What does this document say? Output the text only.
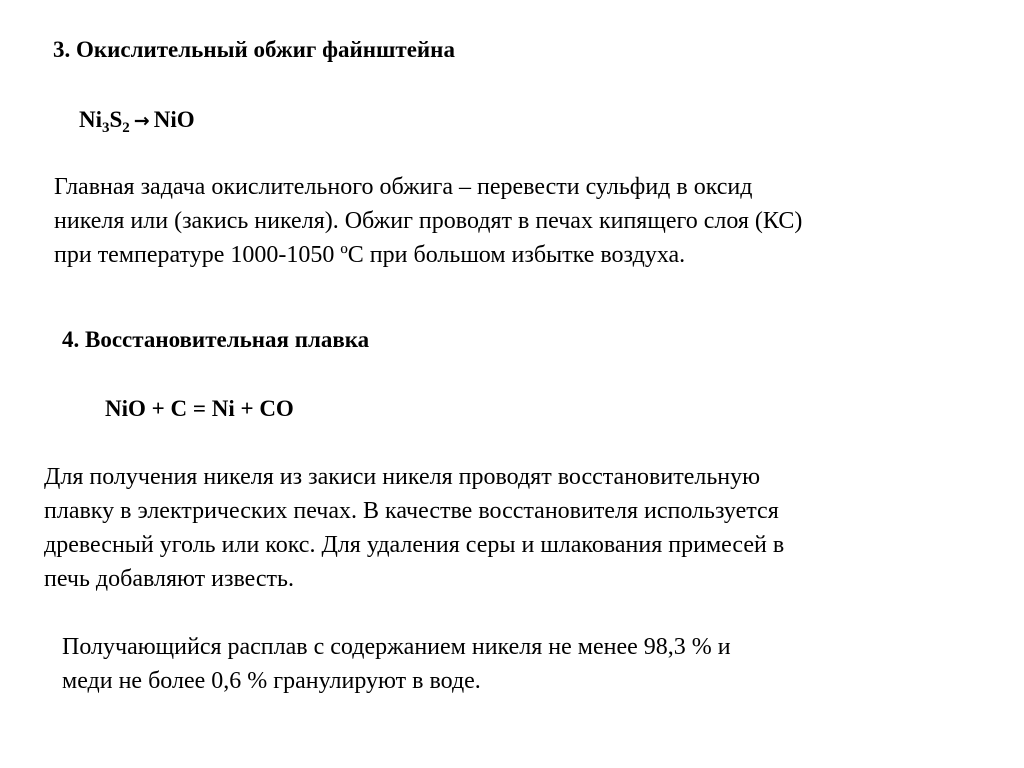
3. Окислительный обжиг файнштейна
$Ni_3S_2$ → NiO
Главная задача окислительного обжига – перевести сульфид в оксид
никеля или (закись никеля). Обжиг проводят в печах кипящего слоя (КС)
при температуре 1000-1050 ºС при большом избытке воздуха.
4. Восстановительная плавка
NiO + C = Ni + CO
Для получения никеля из закиси никеля проводят восстановительную
плавку в электрических печах. В качестве восстановителя используется
древесный уголь или кокс. Для удаления серы и шлакования примесей в
печь добавляют известь.
Получающийся расплав с содержанием никеля не менее 98,3 % и
меди не более 0,6 % гранулируют в воде.
